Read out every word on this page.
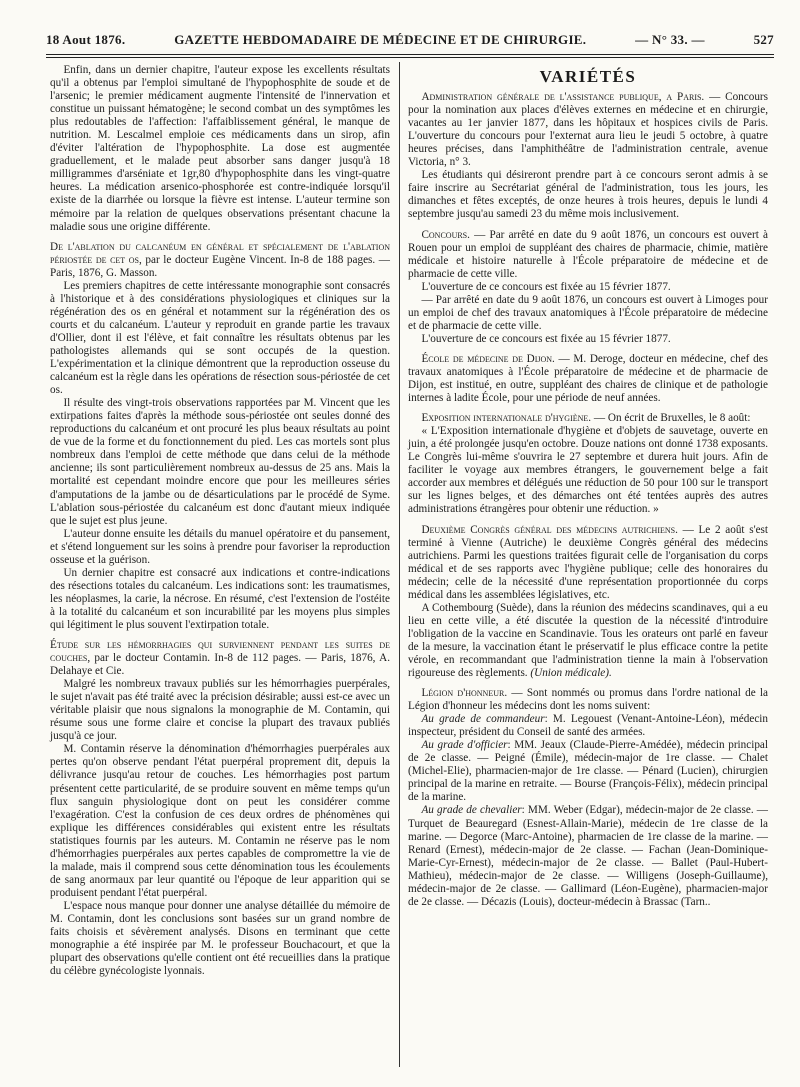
18 Aout 1876.	GAZETTE HEBDOMADAIRE DE MÉDECINE ET DE CHIRURGIE.	— N° 33. —	527

Enfin, dans un dernier chapitre, l'auteur expose les excellents résultats qu'il a obtenus par l'emploi simultané de l'hypophosphite de soude et de l'arsenic; le premier médicament augmente l'intensité de l'innervation et constitue un puissant hématogène; le second combat un des symptômes les plus redoutables de l'affection: l'affaiblissement général, le manque de nutrition. M. Lescalmel emploie ces médicaments dans un sirop, afin d'éviter l'altération de l'hypophosphite. La dose est augmentée graduellement, et le malade peut absorber sans danger jusqu'à 18 milligrammes d'arséniate et 1gr,80 d'hypophosphite dans les vingt-quatre heures. La médication arsenico-phosphorée est contre-indiquée lorsqu'il existe de la diarrhée ou lorsque la fièvre est intense. L'auteur termine son mémoire par la relation de quelques observations présentant chacune la maladie sous une origine différente.

De l'ablation du calcanéum en général et spécialement de l'ablation périostée de cet os, par le docteur Eugène Vincent. In-8 de 188 pages. — Paris, 1876, G. Masson.

Les premiers chapitres de cette intéressante monographie sont consacrés à l'historique et à des considérations physiologiques et cliniques sur la régénération des os en général et notamment sur la régénération des os courts et du calcanéum. L'auteur y reproduit en grande partie les travaux d'Ollier, dont il est l'élève, et fait connaître les résultats obtenus par les pathologistes allemands qui se sont occupés de la question. L'expérimentation et la clinique démontrent que la reproduction osseuse du calcanéum est la règle dans les opérations de résection sous-périostée de cet os.

Il résulte des vingt-trois observations rapportées par M. Vincent que les extirpations faites d'après la méthode sous-périostée ont seules donné des reproductions du calcanéum et ont procuré les plus beaux résultats au point de vue de la forme et du fonctionnement du pied. Les cas mortels sont plus nombreux dans l'emploi de cette méthode que dans celui de la méthode ancienne; ils sont particulièrement nombreux au-dessus de 25 ans. Mais la mortalité est cependant moindre encore que pour les meilleures séries d'amputations de la jambe ou de désarticulations par le procédé de Syme. L'ablation sous-périostée du calcanéum est donc d'autant mieux indiquée que le sujet est plus jeune.

L'auteur donne ensuite les détails du manuel opératoire et du pansement, et s'étend longuement sur les soins à prendre pour favoriser la reproduction osseuse et la guérison.

Un dernier chapitre est consacré aux indications et contre-indications des résections totales du calcanéum. Les indications sont: les traumatismes, les néoplasmes, la carie, la nécrose. En résumé, c'est l'extension de l'ostéite à la totalité du calcanéum et son incurabilité par les moyens plus simples qui légitiment le plus souvent l'extirpation totale.

Étude sur les hémorrhagies qui surviennent pendant les suites de couches, par le docteur Contamin. In-8 de 112 pages. — Paris, 1876, A. Delahaye et Cie.

Malgré les nombreux travaux publiés sur les hémorrhagies puerpérales, le sujet n'avait pas été traité avec la précision désirable; aussi est-ce avec un véritable plaisir que nous signalons la monographie de M. Contamin, qui résume sous une forme claire et concise la plupart des travaux publiés jusqu'à ce jour.

M. Contamin réserve la dénomination d'hémorrhagies puerpérales aux pertes qu'on observe pendant l'état puerpéral proprement dit, depuis la délivrance jusqu'au retour de couches. Les hémorrhagies post partum présentent cette particularité, de se produire souvent en même temps qu'un flux sanguin physiologique dont on peut les considérer comme l'exagération. C'est la confusion de ces deux ordres de phénomènes qui explique les différences considérables qui existent entre les résultats statistiques fournis par les auteurs. M. Contamin ne réserve pas le nom d'hémorrhagies puerpérales aux pertes capables de compromettre la vie de la malade, mais il comprend sous cette dénomination tous les écoulements de sang anormaux par leur quantité ou l'époque de leur apparition qui se produisent pendant l'état puerpéral.

L'espace nous manque pour donner une analyse détaillée du mémoire de M. Contamin, dont les conclusions sont basées sur un grand nombre de faits choisis et sévèrement analysés. Disons en terminant que cette monographie a été inspirée par M. le professeur Bouchacourt, et que la plupart des observations qu'elle contient ont été recueillies dans la pratique du célèbre gynécologiste lyonnais.

VARIÉTÉS

Administration générale de l'assistance publique, a Paris. — Concours pour la nomination aux places d'élèves externes en médecine et en chirurgie, vacantes au 1er janvier 1877, dans les hôpitaux et hospices civils de Paris. L'ouverture du concours pour l'externat aura lieu le jeudi 5 octobre, à quatre heures précises, dans l'amphithéâtre de l'administration centrale, avenue Victoria, n° 3.

Les étudiants qui désireront prendre part à ce concours seront admis à se faire inscrire au Secrétariat général de l'administration, tous les jours, les dimanches et fêtes exceptés, de onze heures à trois heures, depuis le lundi 4 septembre jusqu'au samedi 23 du même mois inclusivement.

Concours. — Par arrêté en date du 9 août 1876, un concours est ouvert à Rouen pour un emploi de suppléant des chaires de pharmacie, chimie, matière médicale et histoire naturelle à l'École préparatoire de médecine et de pharmacie de cette ville.

L'ouverture de ce concours est fixée au 15 février 1877.

— Par arrêté en date du 9 août 1876, un concours est ouvert à Limoges pour un emploi de chef des travaux anatomiques à l'École préparatoire de médecine et de pharmacie de cette ville.

L'ouverture de ce concours est fixée au 15 février 1877.

École de médecine de Dijon. — M. Deroge, docteur en médecine, chef des travaux anatomiques à l'École préparatoire de médecine et de pharmacie de Dijon, est institué, en outre, suppléant des chaires de clinique et de pathologie internes à ladite École, pour une période de neuf années.

Exposition internationale d'hygiène. — On écrit de Bruxelles, le 8 août:

« L'Exposition internationale d'hygiène et d'objets de sauvetage, ouverte en juin, a été prolongée jusqu'en octobre. Douze nations ont donné 1738 exposants. Le Congrès lui-même s'ouvrira le 27 septembre et durera huit jours. Afin de faciliter le voyage aux membres étrangers, le gouvernement belge a fait accorder aux membres et délégués une réduction de 50 pour 100 sur le transport sur les lignes belges, et des démarches ont été tentées auprès des autres administrations étrangères pour obtenir une réduction. »

Deuxième Congrès général des médecins autrichiens. — Le 2 août s'est terminé à Vienne (Autriche) le deuxième Congrès général des médecins autrichiens. Parmi les questions traitées figurait celle de l'organisation du corps médical et de ses rapports avec l'hygiène publique; celle des honoraires du médecin; celle de la nécessité d'une représentation proportionnée du corps médical dans les assemblées législatives, etc.

A Cothembourg (Suède), dans la réunion des médecins scandinaves, qui a eu lieu en cette ville, a été discutée la question de la nécessité d'introduire l'obligation de la vaccine en Scandinavie. Tous les orateurs ont parlé en faveur de la mesure, la vaccination étant le préservatif le plus efficace contre la petite vérole, en recommandant que l'administration tienne la main à l'observation rigoureuse des règlements. (Union médicale).

Légion d'honneur. — Sont nommés ou promus dans l'ordre national de la Légion d'honneur les médecins dont les noms suivent:

Au grade de commandeur: M. Legouest (Venant-Antoine-Léon), médecin inspecteur, président du Conseil de santé des armées.

Au grade d'officier: MM. Jeaux (Claude-Pierre-Amédée), médecin principal de 2e classe. — Peigné (Émile), médecin-major de 1re classe. — Chalet (Michel-Elie), pharmacien-major de 1re classe. — Pénard (Lucien), chirurgien principal de la marine en retraite. — Bourse (François-Félix), médecin principal de la marine.

Au grade de chevalier: MM. Weber (Edgar), médecin-major de 2e classe. — Turquet de Beauregard (Esnest-Allain-Marie), médecin de 1re classe de la marine. — Degorce (Marc-Antoine), pharmacien de 1re classe de la marine. — Renard (Ernest), médecin-major de 2e classe. — Fachan (Jean-Dominique-Marie-Cyr-Ernest), médecin-major de 2e classe. — Ballet (Paul-Hubert-Mathieu), médecin-major de 2e classe. — Willigens (Joseph-Guillaume), médecin-major de 2e classe. — Gallimard (Léon-Eugène), pharmacien-major de 2e classe. — Décazis (Louis), docteur-médecin à Brassac (Tarn..
